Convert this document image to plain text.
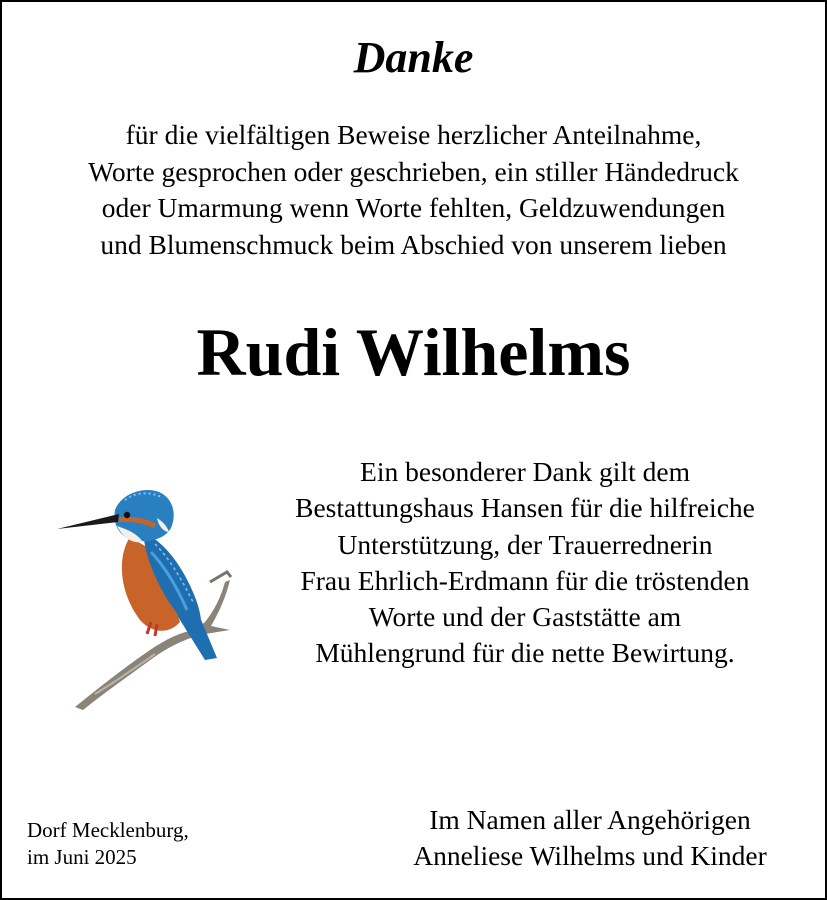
Danke
für die vielfältigen Beweise herzlicher Anteilnahme,
Worte gesprochen oder geschrieben, ein stiller Händedruck
oder Umarmung wenn Worte fehlten, Geldzuwendungen
und Blumenschmuck beim Abschied von unserem lieben
Rudi Wilhelms
Ein besonderer Dank gilt dem
Bestattungshaus Hansen für die hilfreiche
Unterstützung, der Trauerrednerin
Frau Ehrlich-Erdmann für die tröstenden
Worte und der Gaststätte am
Mühlengrund für die nette Bewirtung.
Dorf Mecklenburg,
im Juni 2025
Im Namen aller Angehörigen
Anneliese Wilhelms und Kinder
